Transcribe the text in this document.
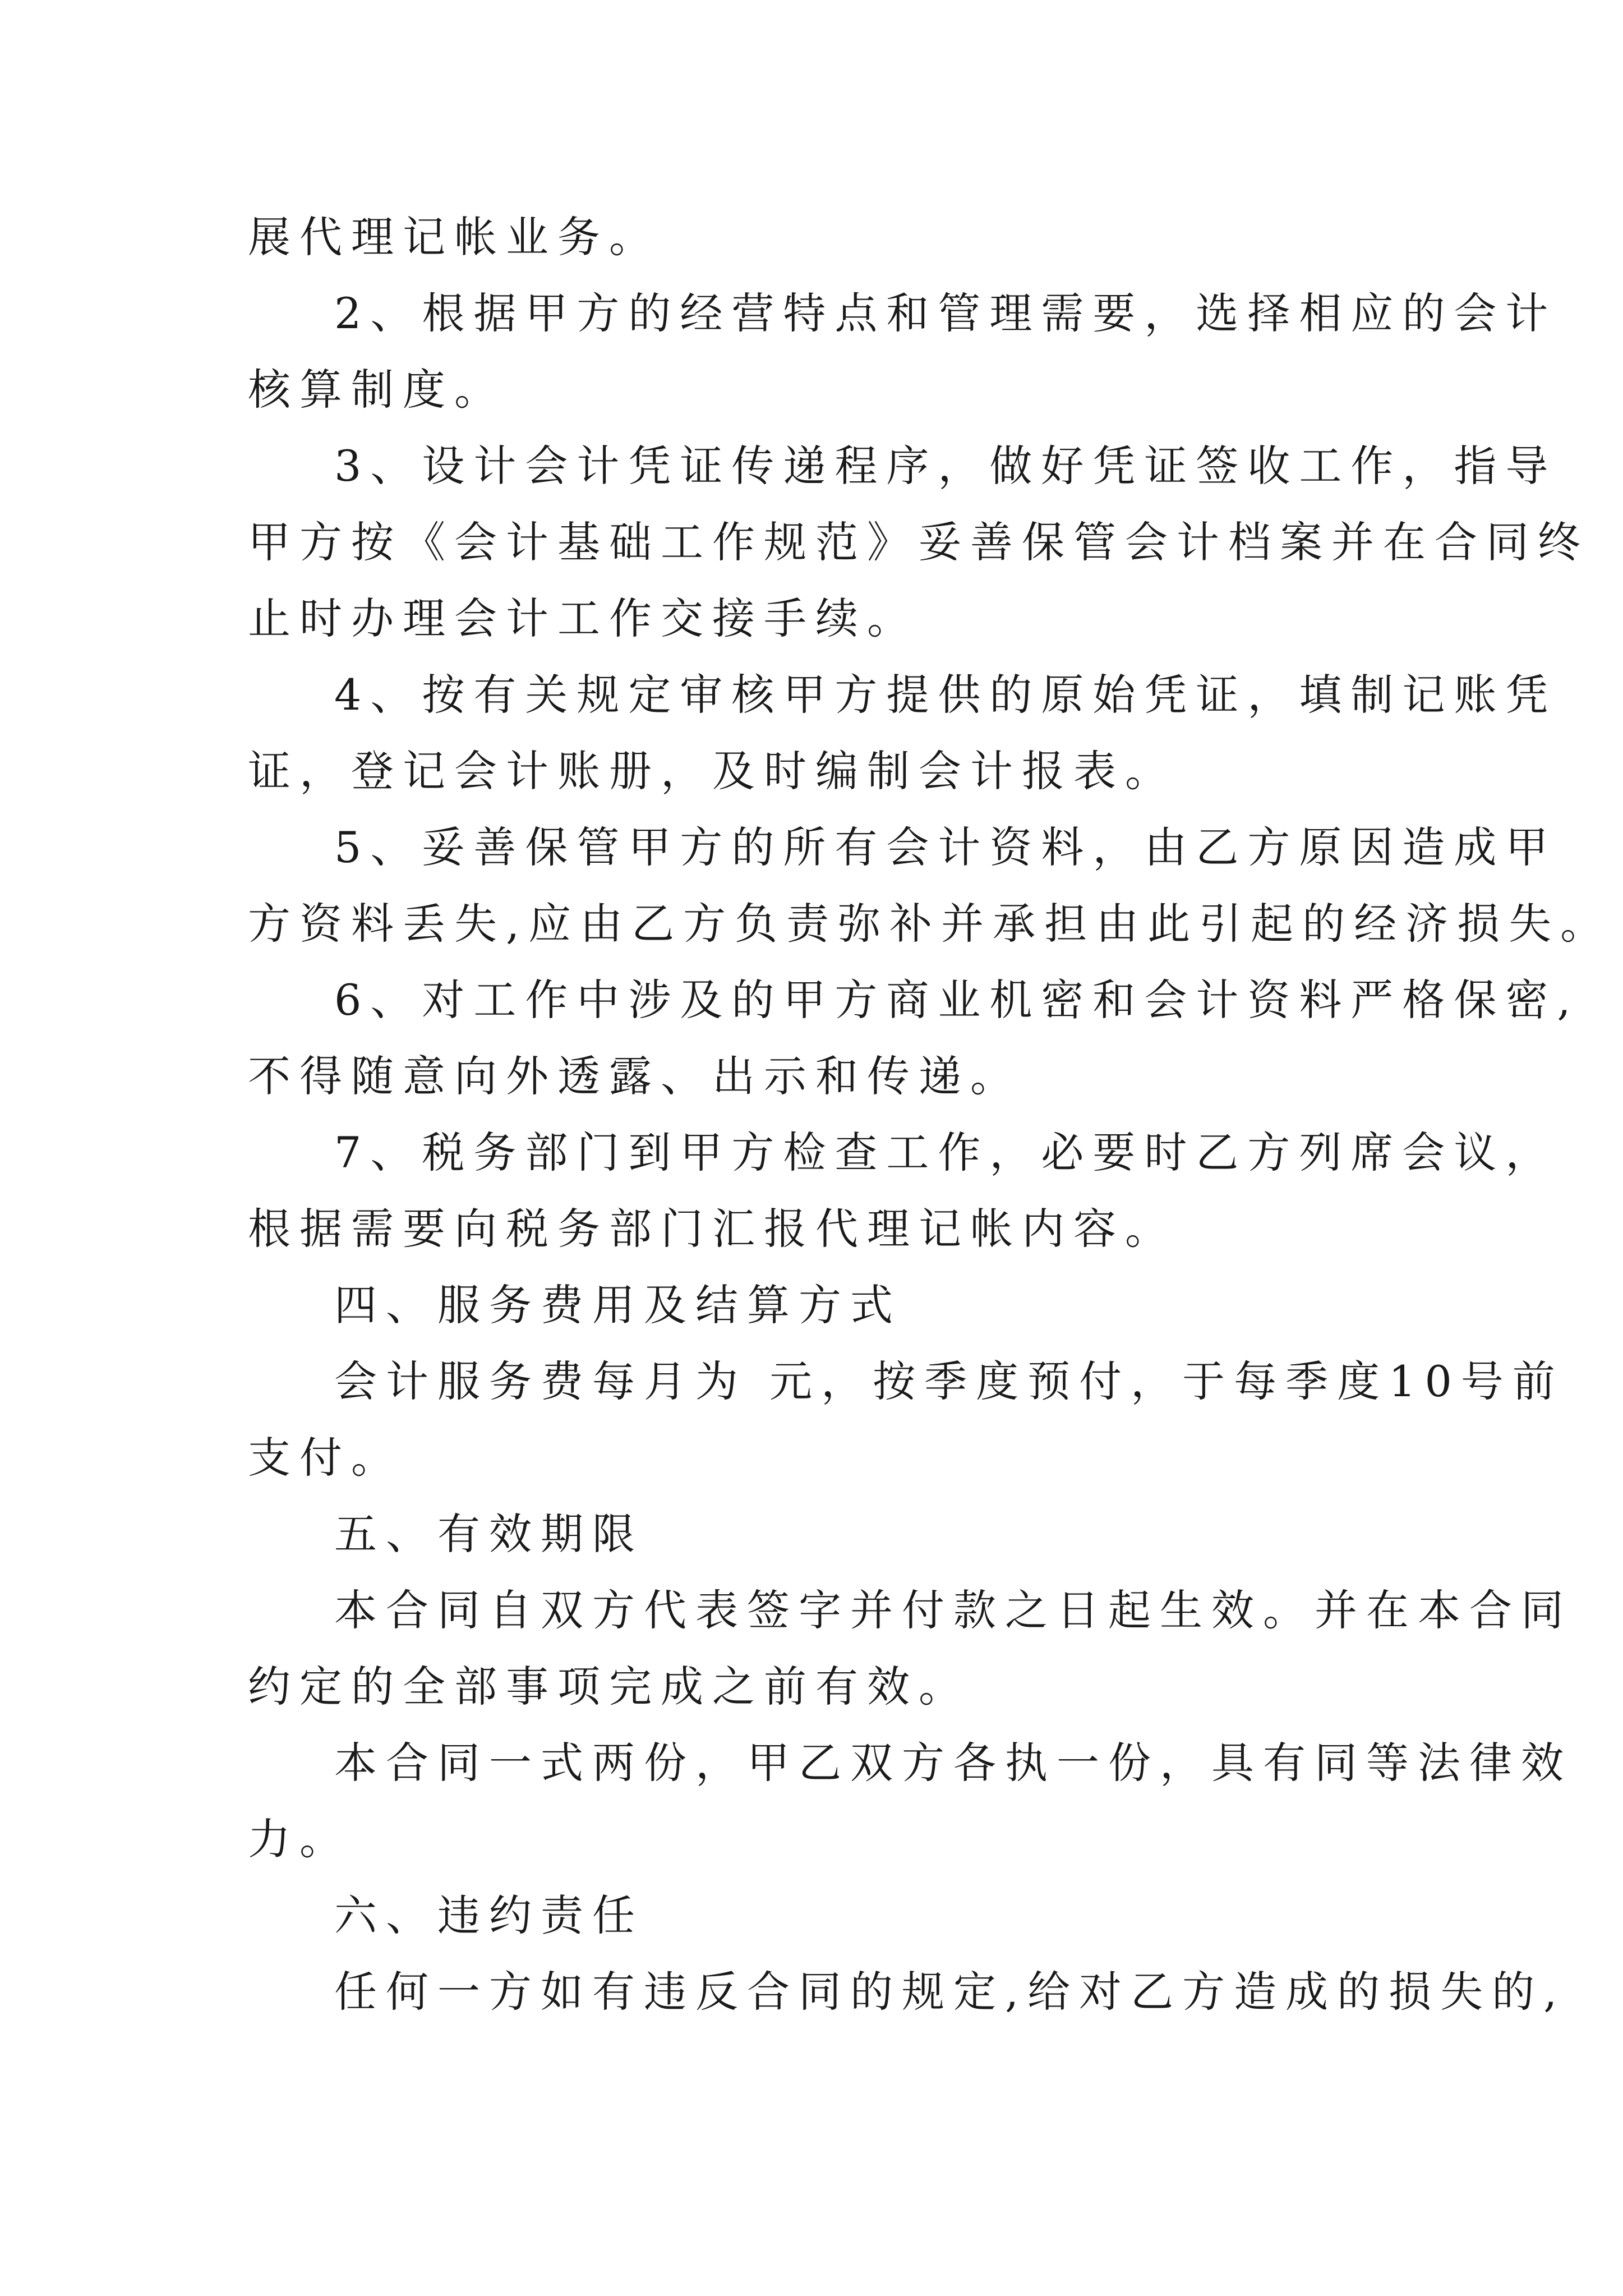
展代理记帐业务。
2、根据甲方的经营特点和管理需要，选择相应的会计
核算制度。
3、设计会计凭证传递程序，做好凭证签收工作，指导
甲方按《会计基础工作规范》妥善保管会计档案并在合同终
止时办理会计工作交接手续。
4、按有关规定审核甲方提供的原始凭证，填制记账凭
证，登记会计账册，及时编制会计报表。
5、妥善保管甲方的所有会计资料，由乙方原因造成甲
方资料丢失,应由乙方负责弥补并承担由此引起的经济损失。
6、对工作中涉及的甲方商业机密和会计资料严格保密,
不得随意向外透露、出示和传递。
7、税务部门到甲方检查工作，必要时乙方列席会议，
根据需要向税务部门汇报代理记帐内容。
四、服务费用及结算方式
会计服务费每月为 元，按季度预付，于每季度10号前
支付。
五、有效期限
本合同自双方代表签字并付款之日起生效。并在本合同
约定的全部事项完成之前有效。
本合同一式两份，甲乙双方各执一份，具有同等法律效
力。
六、违约责任
任何一方如有违反合同的规定,给对乙方造成的损失的,
